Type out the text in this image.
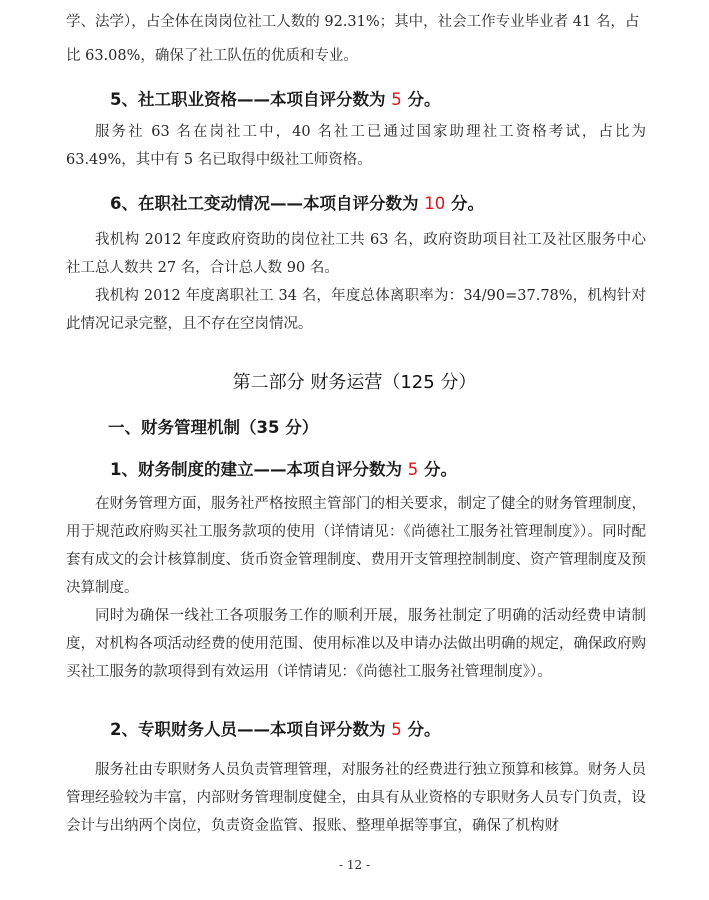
学、法学），占全体在岗岗位社工人数的 92.31%；其中，社会工作专业毕业者 41 名，占
比 63.08%，确保了社工队伍的优质和专业。
5、社工职业资格——本项自评分数为 5 分。

服务社 63 名在岗社工中，40 名社工已通过国家助理社工资格考试，占比为 63.49%，其中有 5 名已取得中级社工师资格。

6、在职社工变动情况——本项自评分数为 10 分。

我机构 2012 年度政府资助的岗位社工共 63 名，政府资助项目社工及社区服务中心社工总人数共 27 名，合计总人数 90 名。

我机构 2012 年度离职社工 34 名，年度总体离职率为：34/90=37.78%，机构针对此情况记录完整，且不存在空岗情况。

第二部分 财务运营（125 分）
一、财务管理机制（35 分）
1、财务制度的建立——本项自评分数为 5 分。

在财务管理方面，服务社严格按照主管部门的相关要求，制定了健全的财务管理制度，用于规范政府购买社工服务款项的使用（详情请见：《尚德社工服务社管理制度》）。同时配套有成文的会计核算制度、货币资金管理制度、费用开支管理控制制度、资产管理制度及预决算制度。

同时为确保一线社工各项服务工作的顺利开展，服务社制定了明确的活动经费申请制度，对机构各项活动经费的使用范围、使用标准以及申请办法做出明确的规定，确保政府购买社工服务的款项得到有效运用（详情请见：《尚德社工服务社管理制度》）。

2、专职财务人员——本项自评分数为 5 分。

服务社由专职财务人员负责管理管理，对服务社的经费进行独立预算和核算。财务人员管理经验较为丰富，内部财务管理制度健全，由具有从业资格的专职财务人员专门负责，设会计与出纳两个岗位，负责资金监管、报账、整理单据等事宜，确保了机构财

- 12 -
